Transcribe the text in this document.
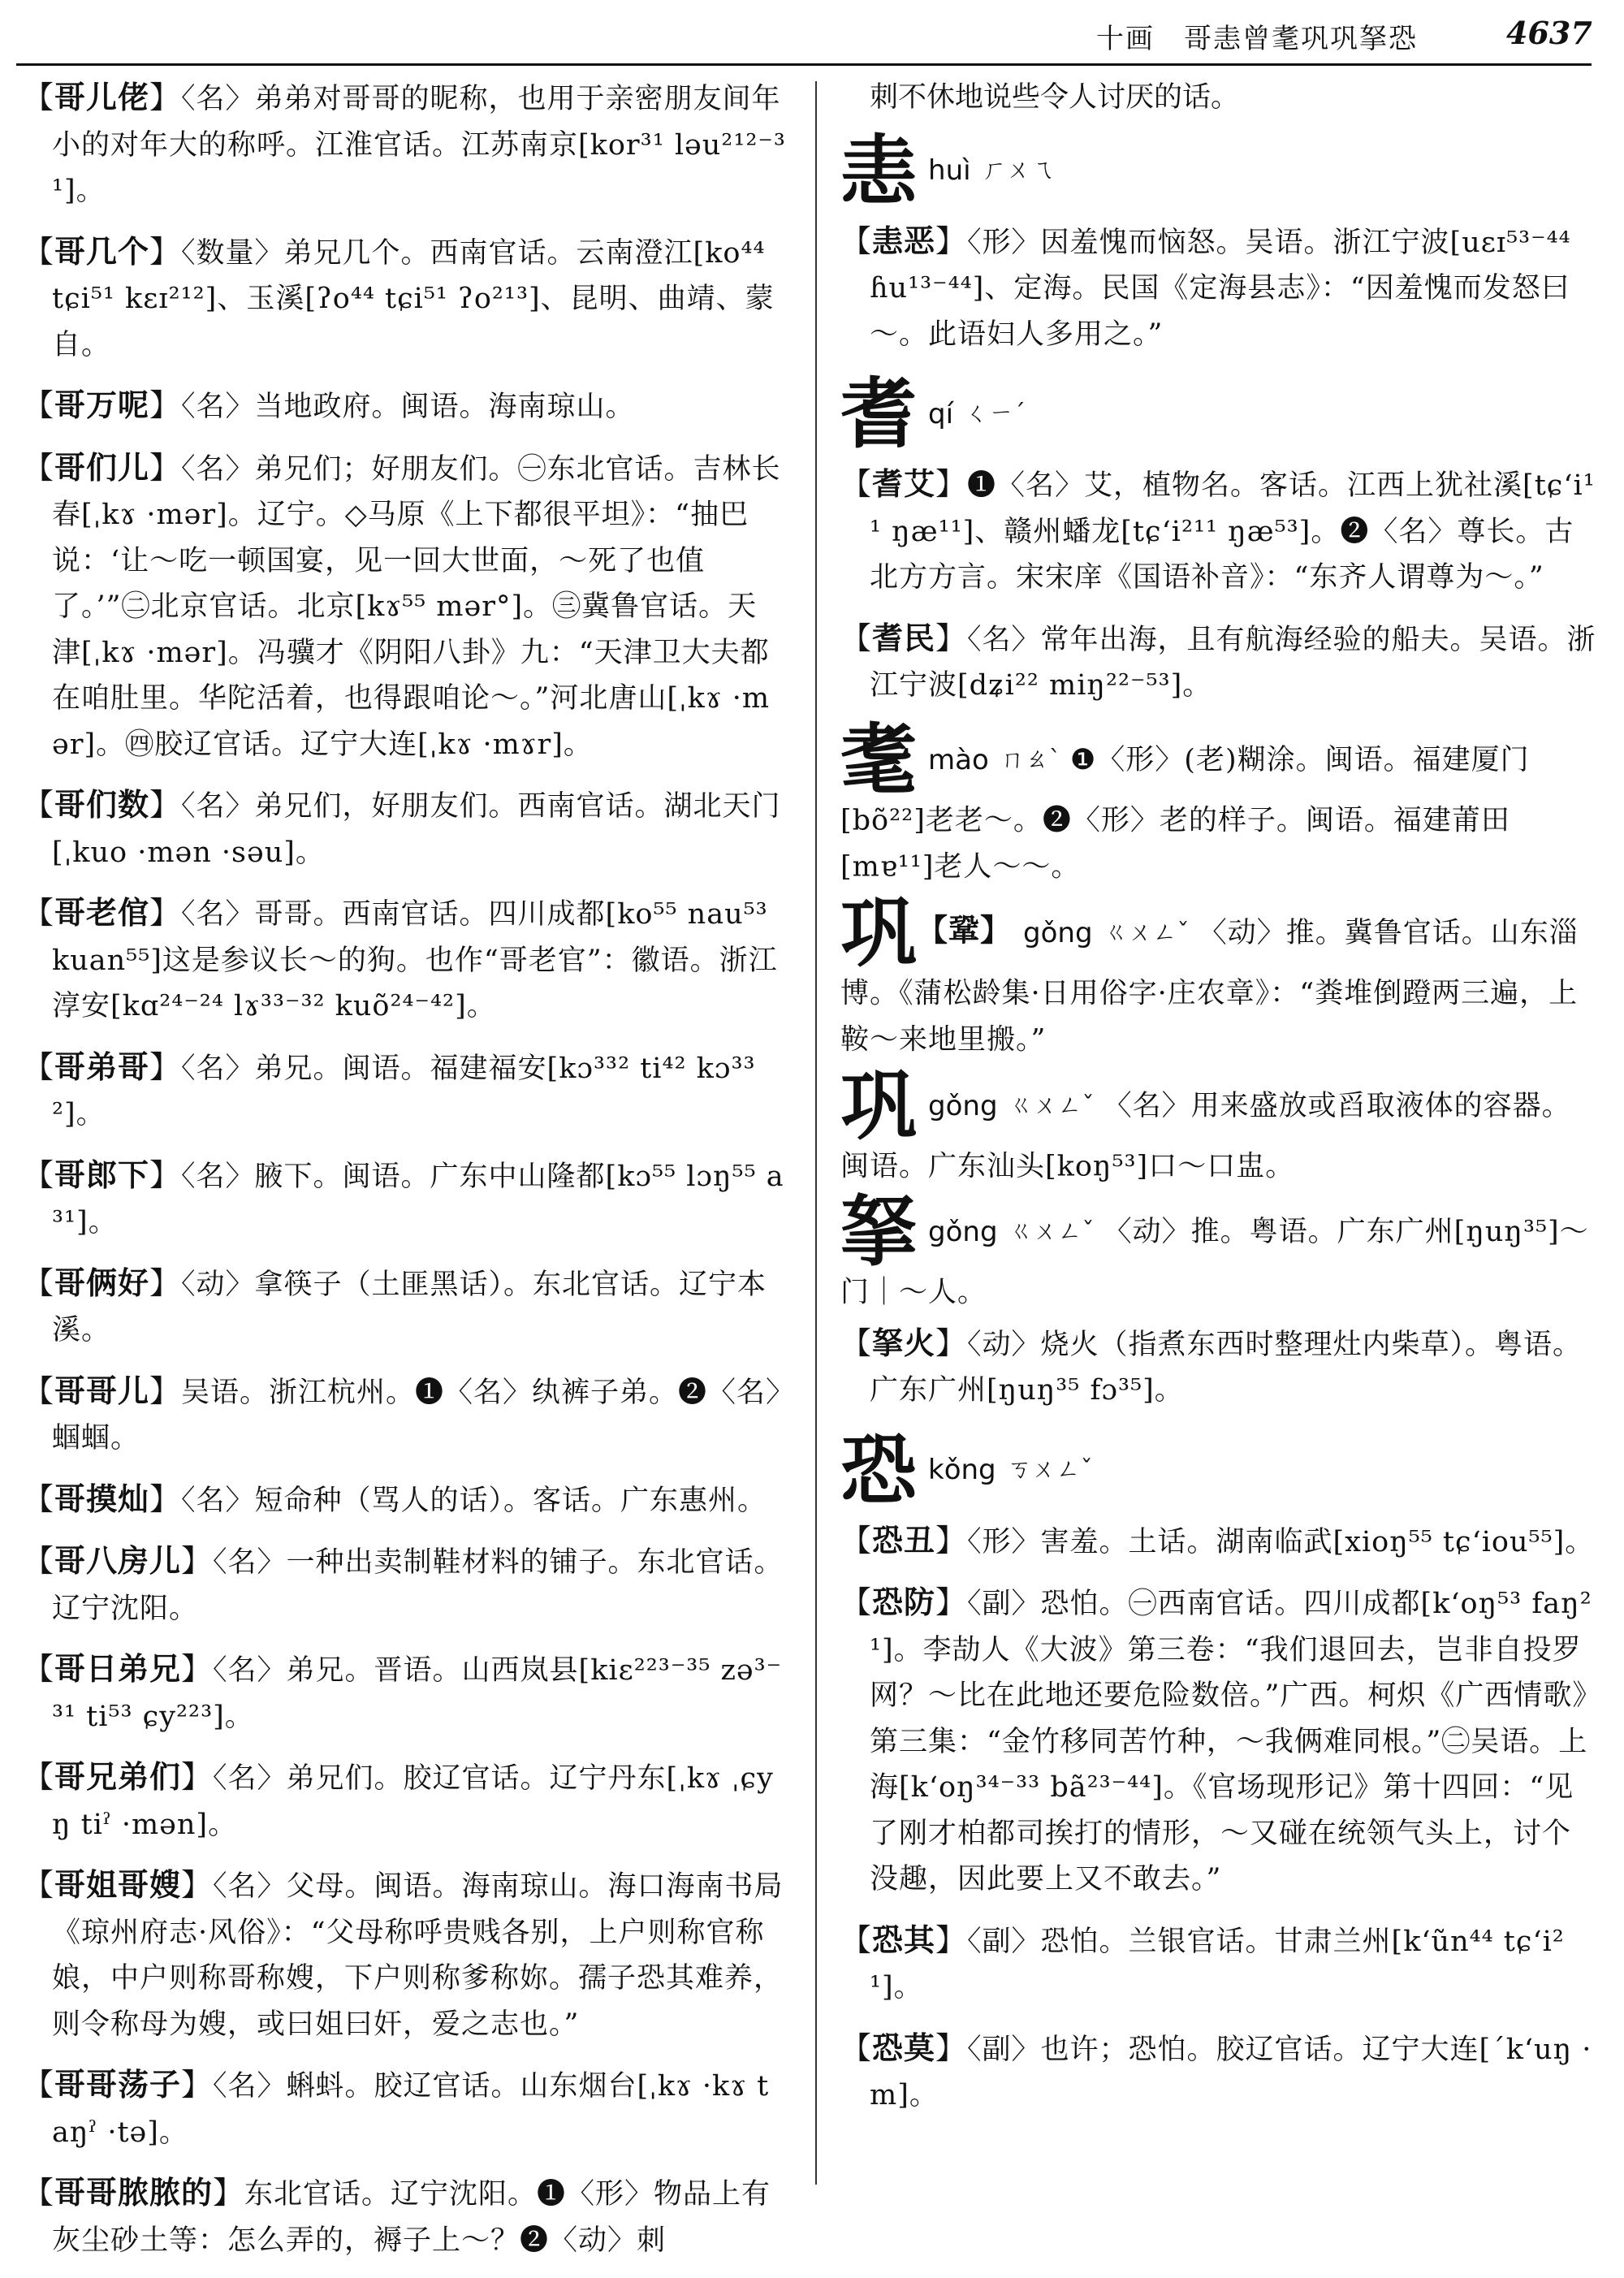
十画　哥恚曾耄巩巩拏恐	4637

【哥儿佬】〈名〉弟弟对哥哥的昵称，也用于亲密朋友间年小的对年大的称呼。江淮官话。江苏南京[kor³¹ ləu²¹²⁻³¹]。

【哥几个】〈数量〉弟兄几个。西南官话。云南澄江[ko⁴⁴ tɕi⁵¹ kɛɪ²¹²]、玉溪[ʔo⁴⁴ tɕi⁵¹ ʔo²¹³]、昆明、曲靖、蒙自。

【哥万呢】〈名〉当地政府。闽语。海南琼山。

【哥们儿】〈名〉弟兄们；好朋友们。㊀东北官话。吉林长春[ˌkɤ ·mər]。辽宁。◇马原《上下都很平坦》：“抽巴说：‘让～吃一顿国宴，见一回大世面，～死了也值了。’”㊁北京官话。北京[kɤ⁵⁵ mər°]。㊂冀鲁官话。天津[ˌkɤ ·mər]。冯骥才《阴阳八卦》九：“天津卫大夫都在咱肚里。华陀活着，也得跟咱论～。”河北唐山[ˌkɤ ·mər]。㊃胶辽官话。辽宁大连[ˌkɤ ·mɤr]。

【哥们数】〈名〉弟兄们，好朋友们。西南官话。湖北天门[ˌkuo ·mən ·səu]。

【哥老倌】〈名〉哥哥。西南官话。四川成都[ko⁵⁵ nau⁵³ kuan⁵⁵]这是参议长～的狗。也作“哥老官”：徽语。浙江淳安[kɑ²⁴⁻²⁴ lɤ³³⁻³² kuõ²⁴⁻⁴²]。

【哥弟哥】〈名〉弟兄。闽语。福建福安[kɔ³³² ti⁴² kɔ³³²]。

【哥郎下】〈名〉腋下。闽语。广东中山隆都[kɔ⁵⁵ lɔŋ⁵⁵ a³¹]。

【哥俩好】〈动〉拿筷子（土匪黑话）。东北官话。辽宁本溪。

【哥哥儿】吴语。浙江杭州。❶〈名〉纨裤子弟。❷〈名〉蝈蝈。

【哥摸灿】〈名〉短命种（骂人的话）。客话。广东惠州。

【哥八房儿】〈名〉一种出卖制鞋材料的铺子。东北官话。辽宁沈阳。

【哥日弟兄】〈名〉弟兄。晋语。山西岚县[kiɛ²²³⁻³⁵ zə³⁻³¹ ti⁵³ ɕy²²³]。

【哥兄弟们】〈名〉弟兄们。胶辽官话。辽宁丹东[ˌkɤ ˌɕyŋ tiˀ ·mən]。

【哥姐哥嫂】〈名〉父母。闽语。海南琼山。海口海南书局《琼州府志·风俗》：“父母称呼贵贱各别，上户则称官称娘，中户则称哥称嫂，下户则称爹称妳。孺子恐其难养，则令称母为嫂，或曰姐曰奸，爱之志也。”

【哥哥荡子】〈名〉蝌蚪。胶辽官话。山东烟台[ˌkɤ ·kɤ taŋˀ ·tə]。

【哥哥脓脓的】东北官话。辽宁沈阳。❶〈形〉物品上有灰尘砂土等：怎么弄的，褥子上～？❷〈动〉刺

刺不休地说些令人讨厌的话。

恚huì ㄏㄨㄟ

【恚恶】〈形〉因羞愧而恼怒。吴语。浙江宁波[uɛɪ⁵³⁻⁴⁴ ɦu¹³⁻⁴⁴]、定海。民国《定海县志》：“因羞愧而发怒曰～。此语妇人多用之。”

耆qí ㄑㄧˊ

【耆艾】❶〈名〉艾，植物名。客话。江西上犹社溪[tɕʻi¹¹ ŋæ¹¹]、赣州蟠龙[tɕʻi²¹¹ ŋæ⁵³]。❷〈名〉尊长。古北方方言。宋宋庠《国语补音》：“东齐人谓尊为～。”

【耆民】〈名〉常年出海，且有航海经验的船夫。吴语。浙江宁波[dʑi²² miŋ²²⁻⁵³]。

耄mào ㄇㄠˋ ❶〈形〉(老)糊涂。闽语。福建厦门[bõ²²]老老～。❷〈形〉老的样子。闽语。福建莆田[mɐ¹¹]老人～～。
巩【鞏】 gǒng ㄍㄨㄥˇ 〈动〉推。冀鲁官话。山东淄博。《蒲松龄集·日用俗字·庄农章》：“粪堆倒蹬两三遍，上鞍～来地里搬。”
巩gǒng ㄍㄨㄥˇ 〈名〉用来盛放或舀取液体的容器。闽语。广东汕头[koŋ⁵³]口～口盅。
拏gǒng ㄍㄨㄥˇ 〈动〉推。粤语。广东广州[ŋuŋ³⁵]～门｜～人。

【拏火】〈动〉烧火（指煮东西时整理灶内柴草）。粤语。广东广州[ŋuŋ³⁵ fɔ³⁵]。

恐kǒng ㄎㄨㄥˇ

【恐丑】〈形〉害羞。土话。湖南临武[xioŋ⁵⁵ tɕʻiou⁵⁵]。

【恐防】〈副〉恐怕。㊀西南官话。四川成都[kʻoŋ⁵³ faŋ²¹]。李劼人《大波》第三卷：“我们退回去，岂非自投罗网？～比在此地还要危险数倍。”广西。柯炽《广西情歌》第三集：“金竹移同苦竹种，～我俩难同根。”㊁吴语。上海[kʻoŋ³⁴⁻³³ bã²³⁻⁴⁴]。《官场现形记》第十四回：“见了刚才柏都司挨打的情形，～又碰在统领气头上，讨个没趣，因此要上又不敢去。”

【恐其】〈副〉恐怕。兰银官话。甘肃兰州[kʻũn⁴⁴ tɕʻi²¹]。

【恐莫】〈副〉也许；恐怕。胶辽官话。辽宁大连[ˊkʻuŋ ·m]。
